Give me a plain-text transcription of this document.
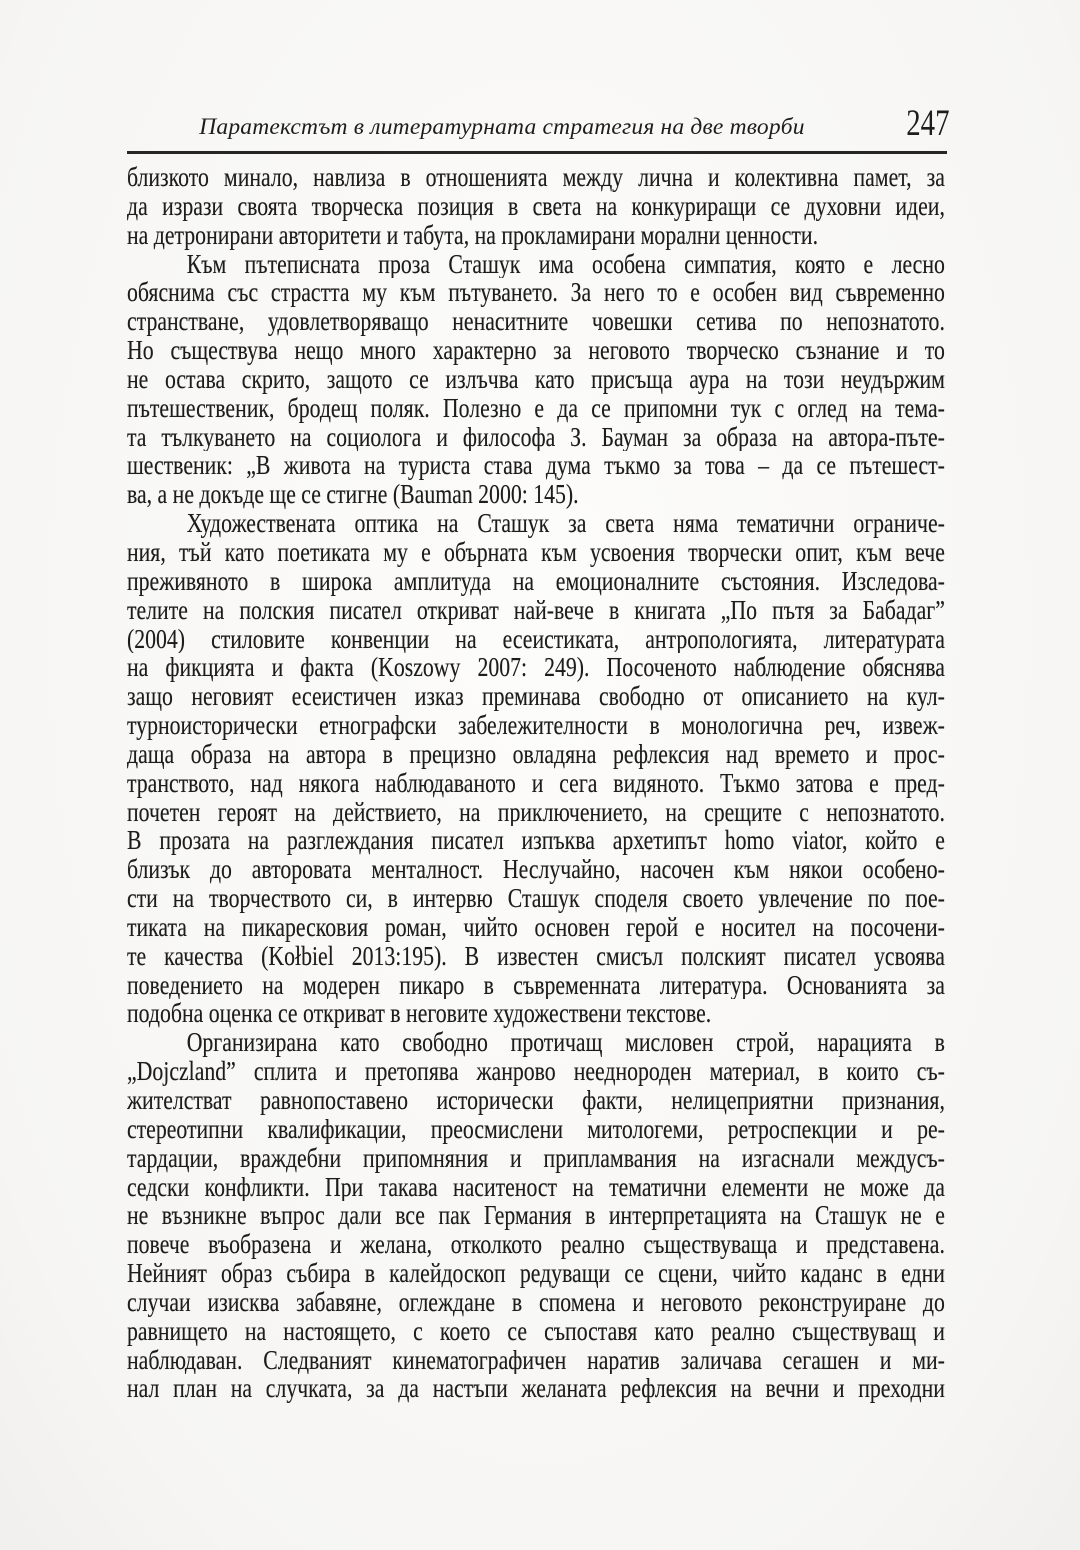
Паратекстът в литературната стратегия на две творби	247
близкото минало, навлиза в отношенията между лична и колективна памет, за
да изрази своята творческа позиция в света на конкуриращи се духовни идеи,
на детронирани авторитети и табута, на прокламирани морални ценности.
Към пътеписната проза Сташук има особена симпатия, която е лесно
обяснима със страстта му към пътуването. За него то е особен вид съвременно
странстване, удовлетворяващо ненаситните човешки сетива по непознатото.
Но съществува нещо много характерно за неговото творческо съзнание и то
не остава скрито, защото се излъчва като присъща аура на този неудържим
пътешественик, бродещ поляк. Полезно е да се припомни тук с оглед на тема-
та тълкуването на социолога и философа З. Бауман за образа на автора-пъте-
шественик: „В живота на туриста става дума тъкмо за това – да се пътешест-
ва, а не докъде ще се стигне (Bauman 2000: 145).
Художествената оптика на Сташук за света няма тематични ограниче-
ния, тъй като поетиката му е обърната към усвоения творчески опит, към вече
преживяното в широка амплитуда на емоционалните състояния. Изследова-
телите на полския писател откриват най-вече в книгата „По пътя за Бабадаг”
(2004) стиловите конвенции на есеистиката, антропологията, литературата
на фикцията и факта (Koszowy 2007: 249). Посоченото наблюдение обяснява
защо неговият есеистичен изказ преминава свободно от описанието на кул-
турноисторически етнографски забележителности в монологична реч, извеж-
даща образа на автора в прецизно овладяна рефлексия над времето и прос-
транството, над някога наблюдаваното и сега видяното. Тъкмо затова е пред-
почетен героят на действието, на приключението, на срещите с непознатото.
В прозата на разглеждания писател изпъква архетипът homo viator, който е
близък до авторовата менталност. Неслучайно, насочен към някои особено-
сти на творчеството си, в интервю Сташук споделя своето увлечение по пое-
тиката на пикаресковия роман, чийто основен герой е носител на посочени-
те качества (Kołbiel 2013:195). В известен смисъл полският писател усвоява
поведението на модерен пикаро в съвременната литература. Основанията за
подобна оценка се откриват в неговите художествени текстове.
Организирана като свободно протичащ мисловен строй, нарацията в
„Dojczland” сплита и претопява жанрово нееднороден материал, в които съ-
жителстват равнопоставено исторически факти, нелицеприятни признания,
стереотипни квалификации, преосмислени митологеми, ретроспекции и ре-
тардации, враждебни припомняния и припламвания на изгаснали междусъ-
седски конфликти. При такава наситеност на тематични елементи не може да
не възникне въпрос дали все пак Германия в интерпретацията на Сташук не е
повече въобразена и желана, отколкото реално съществуваща и представена.
Нейният образ събира в калейдоскоп редуващи се сцени, чийто каданс в едни
случаи изисква забавяне, оглеждане в спомена и неговото реконструиране до
равнището на настоящето, с което се съпоставя като реално съществуващ и
наблюдаван. Следваният кинематографичен наратив заличава сегашен и ми-
нал план на случката, за да настъпи желаната рефлексия на вечни и преходни
